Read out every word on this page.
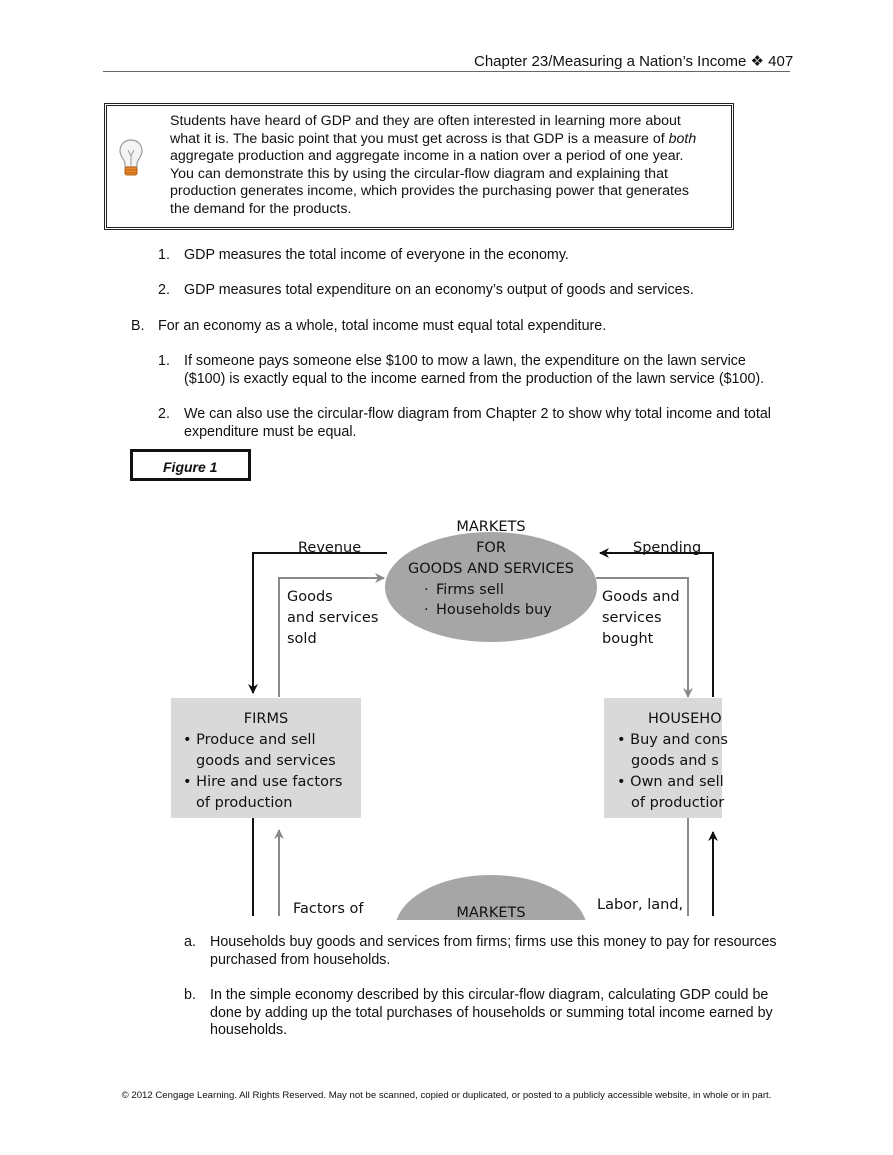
Chapter 23/Measuring a Nation’s Income ❖ 407
Students have heard of GDP and they are often interested in learning more about
what it is. The basic point that you must get across is that GDP is a measure of both
aggregate production and aggregate income in a nation over a period of one year.
You can demonstrate this by using the circular-flow diagram and explaining that
production generates income, which provides the purchasing power that generates
the demand for the products.
1. GDP measures the total income of everyone in the economy.
2. GDP measures total expenditure on an economy’s output of goods and services.
B. For an economy as a whole, total income must equal total expenditure.
1. If someone pays someone else $100 to mow a lawn, the expenditure on the lawn service
($100) is exactly equal to the income earned from the production of the lawn service ($100).
2. We can also use the circular-flow diagram from Chapter 2 to show why total income and total
expenditure must be equal.
Figure 1
MARKETS
FOR
GOODS AND SERVICES
· Firms sell
· Households buy
FIRMS
• Produce and sell
goods and services
• Hire and use factors
of production
HOUSEHO
• Buy and cons
goods and s
• Own and sell
of productior
MARKETS
Revenue	Spending
Goods
and services
sold
Goods and
services
bought
Factors of	Labor, land,
a. Households buy goods and services from firms; firms use this money to pay for resources
purchased from households.
b. In the simple economy described by this circular-flow diagram, calculating GDP could be
done by adding up the total purchases of households or summing total income earned by
households.
© 2012 Cengage Learning. All Rights Reserved. May not be scanned, copied or duplicated, or posted to a publicly accessible website, in whole or in part.
